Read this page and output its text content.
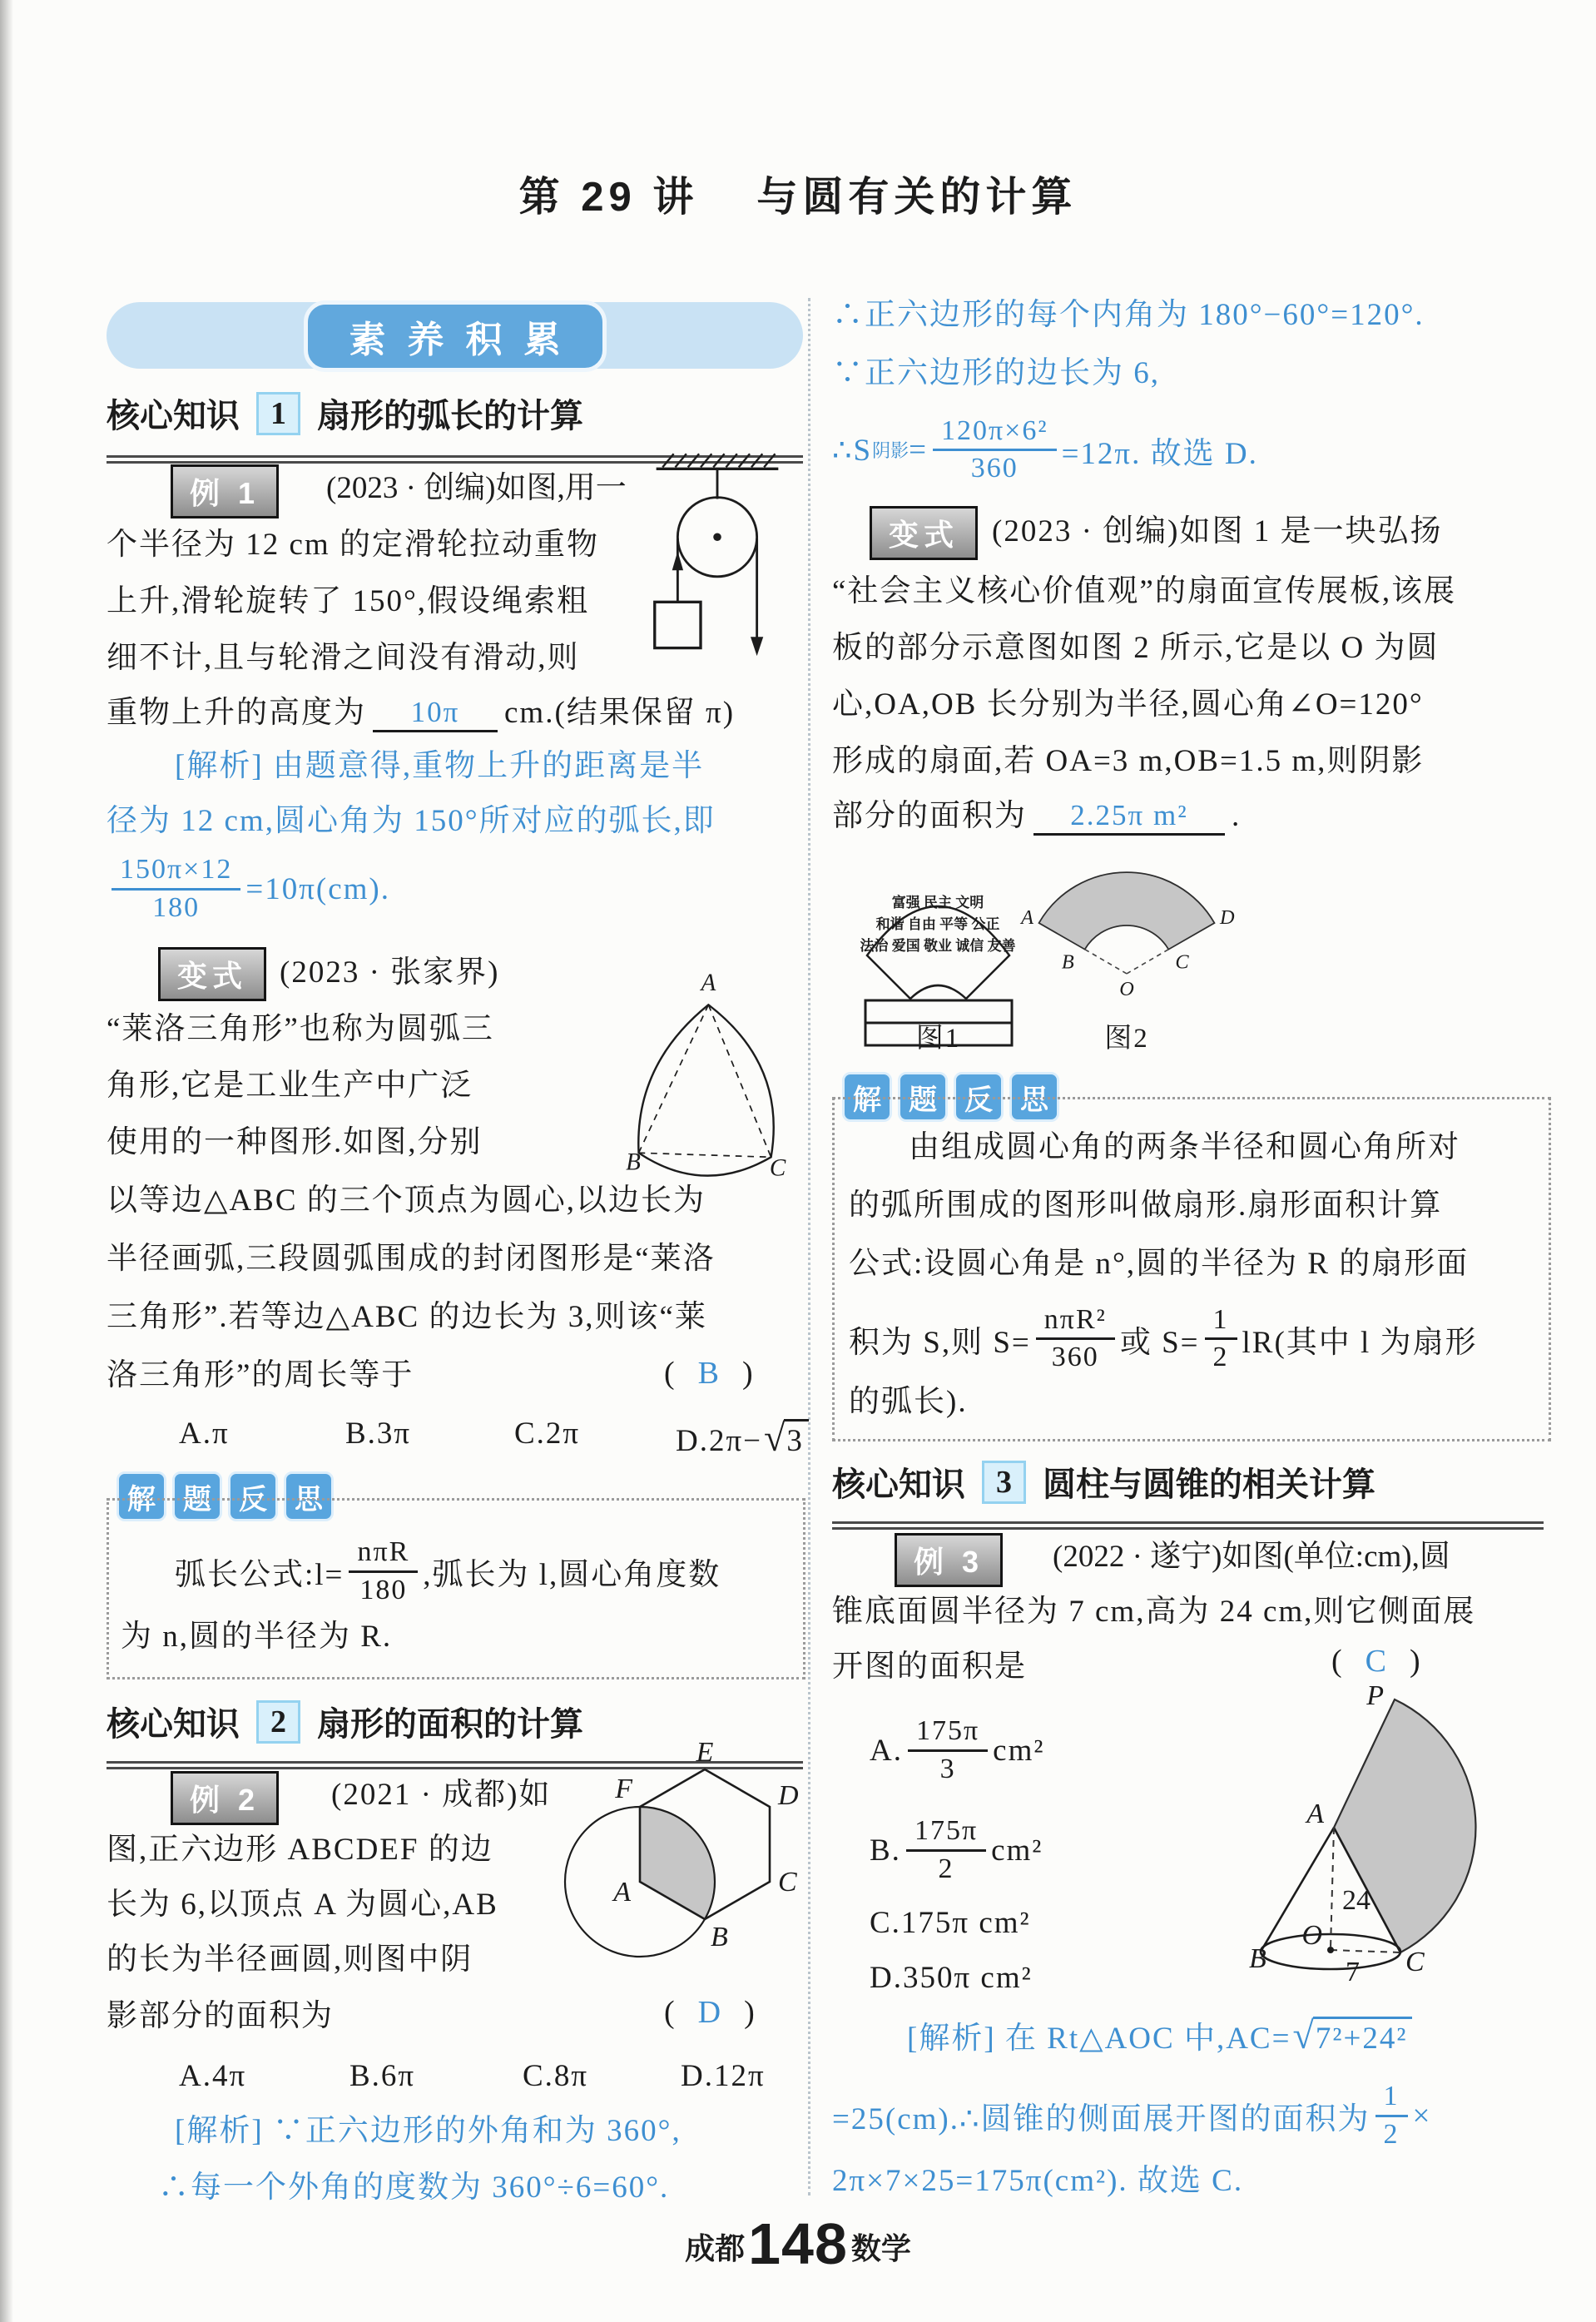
第 29 讲 与圆有关的计算
素养积累
核心知识 1 扇形的弧长的计算
例 1	(2023 · 创编)如图,用一
个半径为 12 cm 的定滑轮拉动重物
上升,滑轮旋转了 150°,假设绳索粗
细不计,且与轮滑之间没有滑动,则
重物上升的高度为 10π cm.(结果保留 π)
[解析] 由题意得,重物上升的距离是半
径为 12 cm,圆心角为 150°所对应的弧长,即
$\frac{150\pi\times 12}{180} =10\pi(cm)$.
变式	(2023 · 张家界)
“莱洛三角形”也称为圆弧三
角形,它是工业生产中广泛
使用的一种图形.如图,分别
以等边△ABC 的三个顶点为圆心,以边长为
半径画弧,三段圆弧围成的封闭图形是“莱洛
三角形”.若等边△ABC 的边长为 3,则该“莱
洛三角形”的周长等于	( B )
A
B	C
A.π	B.3π	C.2π	D.2π− √ 3
解 题 反 思
弧长公式:l= $\frac{\text{nπR}}{180}$ ,弧长为 l,圆心角度数
为 n,圆的半径为 R.
核心知识 2 扇形的面积的计算
例 2	(2021 · 成都)如
图,正六边形 ABCDEF 的边
长为 6,以顶点 A 为圆心,AB
的长为半径画圆,则图中阴
影部分的面积为	( D )
E
D
C
B
A
F
A.4π	B.6π	C.8π	D.12π
[解析] ∵正六边形的外角和为 360°,
∴每一个外角的度数为 360°÷6=60°.
∴正六边形的每个内角为 180°−60°=120°.
∵正六边形的边长为 6,
∴S 阴影 = $\frac{\text{120π×6²}}{360} =12\pi$. 故选 D.
变式	(2023 · 创编)如图 1 是一块弘扬
“社会主义核心价值观”的扇面宣传展板,该展
板的部分示意图如图 2 所示,它是以 O 为圆
心,OA,OB 长分别为半径,圆心角∠O=120°
形成的扇面,若 OA=3 m,OB=1.5 m,则阴影
部分的面积为 2.25π m² .
富强 民主 文明
和谐 自由 平等 公正
法治 爱国 敬业 诚信 友善
图1
A	D
B	C
O
图2
解 题 反 思
由组成圆心角的两条半径和圆心角所对
的弧所围成的图形叫做扇形.扇形面积计算
公式:设圆心角是 n°,圆的半径为 R 的扇形面
积为 S,则 $S= \frac{\text{nπR²}}{360}$ 或 $S= \frac{1}{2} lR$(其中 l 为扇形
的弧长).
核心知识 3 圆柱与圆锥的相关计算
例 3	(2022 · 遂宁)如图(单位:cm),圆
锥底面圆半径为 7 cm,高为 24 cm,则它侧面展
开图的面积是	( C )
P
A
B
O
C
24
7
A. $\frac{175\pi}{3} cm^2$
B. $\frac{175\pi}{2} cm^2$
C.175π cm²
D.350π cm²
[解析] 在 Rt△AOC 中,AC= √ 7²+24²
=25(cm).∴圆锥的侧面展开图的面积为 $\frac{1}{2}$ ×
2π×7×25=175π(cm²). 故选 C.
成都148 数学
